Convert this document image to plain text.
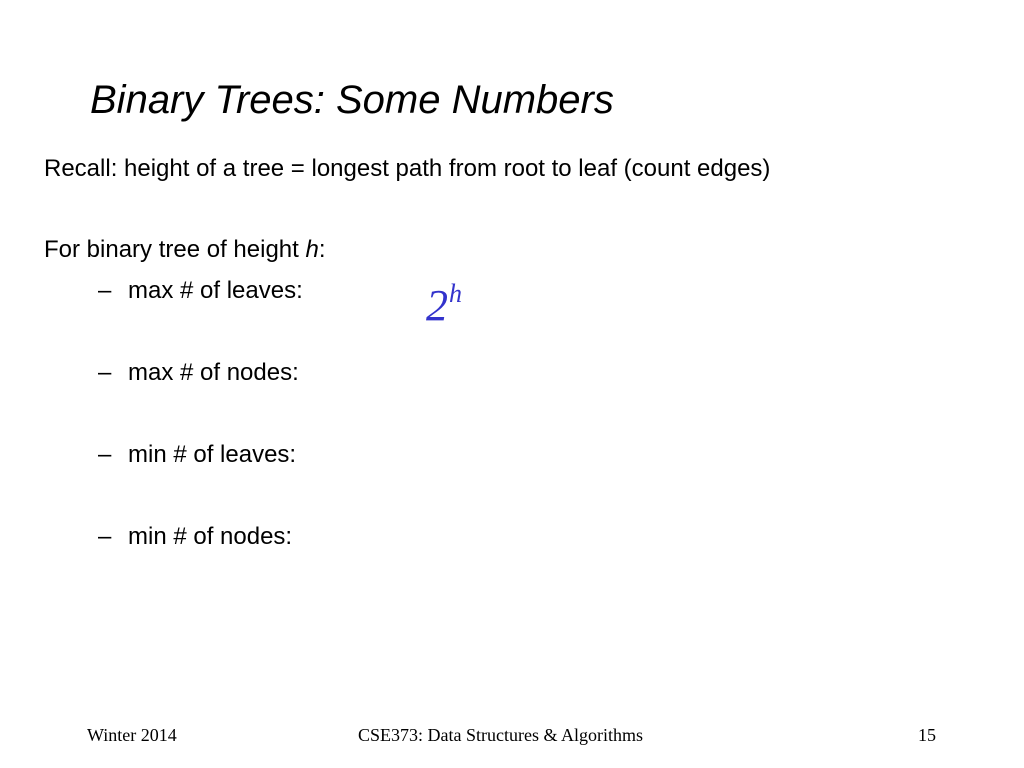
Binary Trees: Some Numbers
Recall: height of a tree = longest path from root to leaf (count edges)
For binary tree of height h:
– max # of leaves:	2$^h$
– max # of nodes:
– min # of leaves:
– min # of nodes:
Winter 2014	CSE373: Data Structures & Algorithms	15
